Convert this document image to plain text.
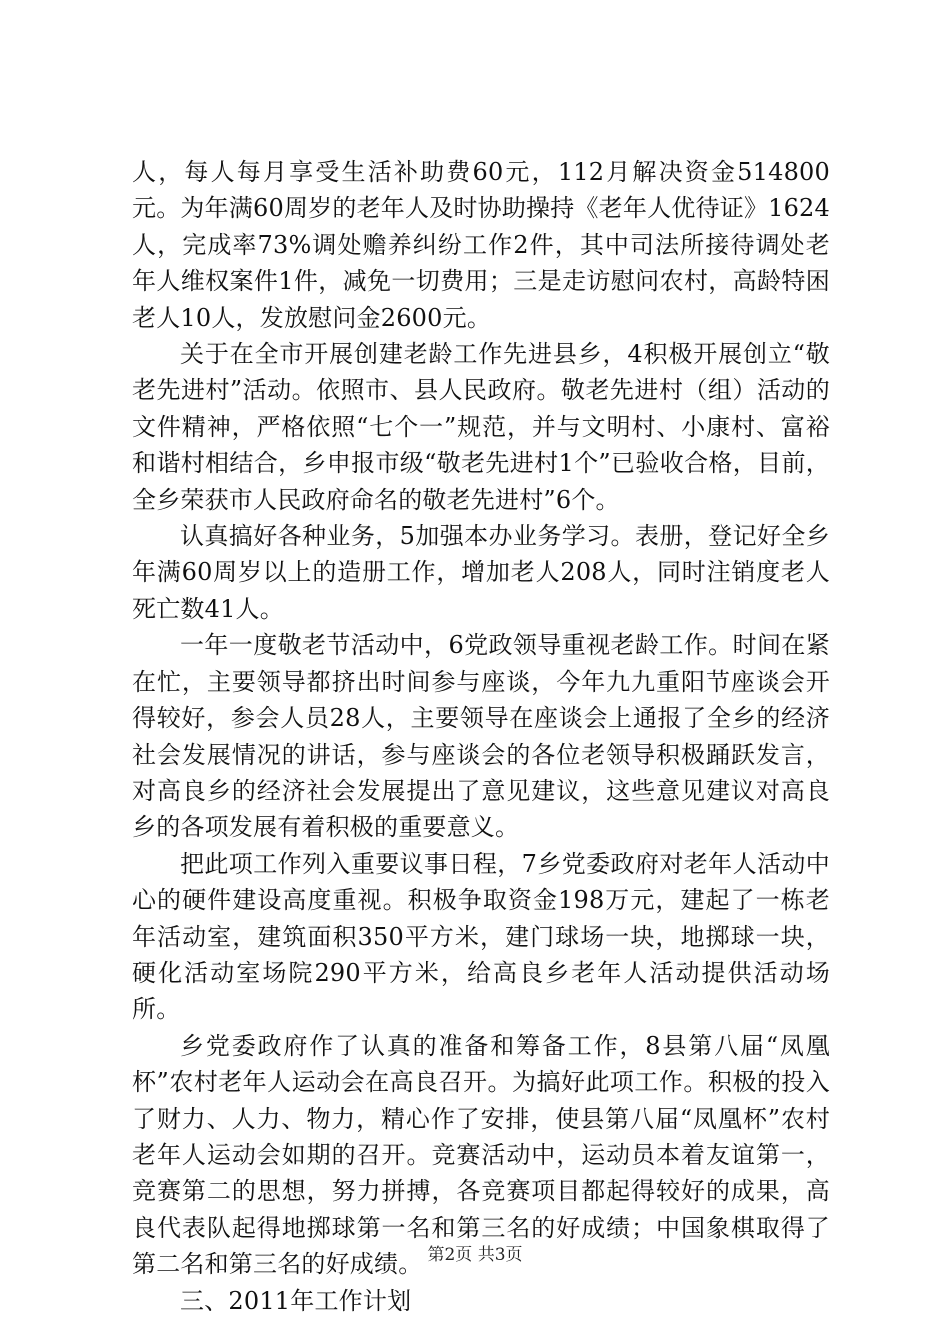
人，每人每月享受生活补助费60元，112月解决资金514800元。为年满60周岁的老年人及时协助操持《老年人优待证》1624人，完成率73%调处赡养纠纷工作2件，其中司法所接待调处老年人维权案件1件，减免一切费用；三是走访慰问农村，高龄特困老人10人，发放慰问金2600元。

关于在全市开展创建老龄工作先进县乡，4积极开展创立“敬老先进村”活动。依照市、县人民政府。敬老先进村（组）活动的文件精神，严格依照“七个一”规范，并与文明村、小康村、富裕和谐村相结合，乡申报市级“敬老先进村1个”已验收合格，目前，全乡荣获市人民政府命名的敬老先进村”6个。

认真搞好各种业务，5加强本办业务学习。表册，登记好全乡年满60周岁以上的造册工作，增加老人208人，同时注销度老人死亡数41人。

一年一度敬老节活动中，6党政领导重视老龄工作。时间在紧在忙，主要领导都挤出时间参与座谈，今年九九重阳节座谈会开得较好，参会人员28人，主要领导在座谈会上通报了全乡的经济社会发展情况的讲话，参与座谈会的各位老领导积极踊跃发言，对高良乡的经济社会发展提出了意见建议，这些意见建议对高良乡的各项发展有着积极的重要意义。

把此项工作列入重要议事日程，7乡党委政府对老年人活动中心的硬件建设高度重视。积极争取资金198万元，建起了一栋老年活动室，建筑面积350平方米，建门球场一块，地掷球一块，硬化活动室场院290平方米，给高良乡老年人活动提供活动场所。

乡党委政府作了认真的准备和筹备工作，8县第八届“凤凰杯”农村老年人运动会在高良召开。为搞好此项工作。积极的投入了财力、人力、物力，精心作了安排，使县第八届“凤凰杯”农村老年人运动会如期的召开。竞赛活动中，运动员本着友谊第一，竞赛第二的思想，努力拼搏，各竞赛项目都起得较好的成果，高良代表队起得地掷球第一名和第三名的好成绩；中国象棋取得了第二名和第三名的好成绩。

三、2011年工作计划

第2页 共3页
